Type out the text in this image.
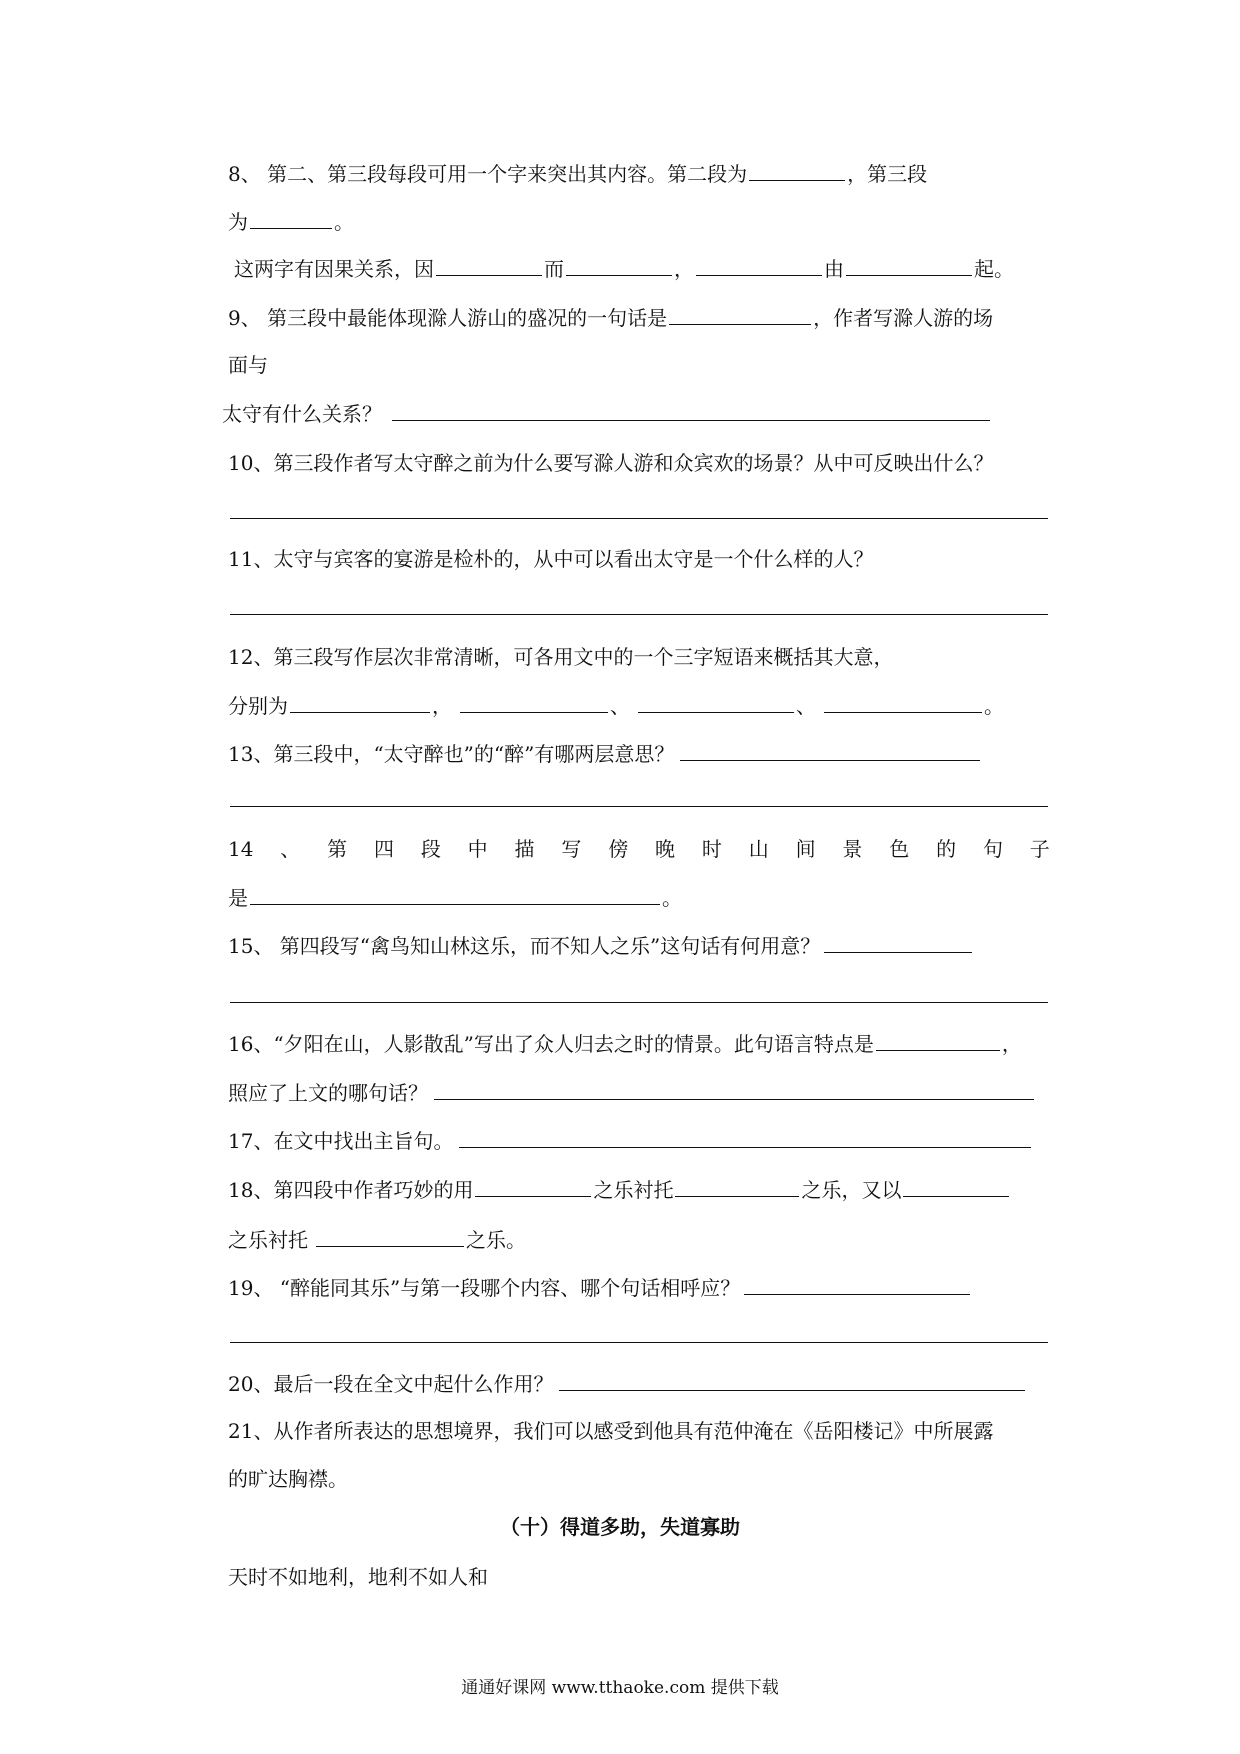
8、 第二、第三段每段可用一个字来突出其内容。第二段为	，第三段
为	。
这两字有因果关系，因	而	，	由	起。
9、 第三段中最能体现滁人游山的盛况的一句话是	，作者写滁人游的场
面与
太守有什么关系？
10、第三段作者写太守醉之前为什么要写滁人游和众宾欢的场景？从中可反映出什么？
11、太守与宾客的宴游是检朴的，从中可以看出太守是一个什么样的人？
12、第三段写作层次非常清晰，可各用文中的一个三字短语来概括其大意，
分别为	，	、	、	。
13、第三段中，“太守醉也”的“醉”有哪两层意思？
14 、 第 四 段 中 描 写 傍 晚 时 山 间 景 色 的 句 子
是	。
15、 第四段写“禽鸟知山林这乐，而不知人之乐”这句话有何用意？
16、“夕阳在山，人影散乱”写出了众人归去之时的情景。此句语言特点是	，
照应了上文的哪句话？
17、在文中找出主旨句。
18、第四段中作者巧妙的用	之乐衬托	之乐，又以
之乐衬托	之乐。
19、 “醉能同其乐”与第一段哪个内容、哪个句话相呼应？
20、最后一段在全文中起什么作用？
21、从作者所表达的思想境界，我们可以感受到他具有范仲淹在《岳阳楼记》中所展露
的旷达胸襟。
（十）得道多助，失道寡助
天时不如地利，地利不如人和
通通好课网 www.tthaoke.com 提供下载
